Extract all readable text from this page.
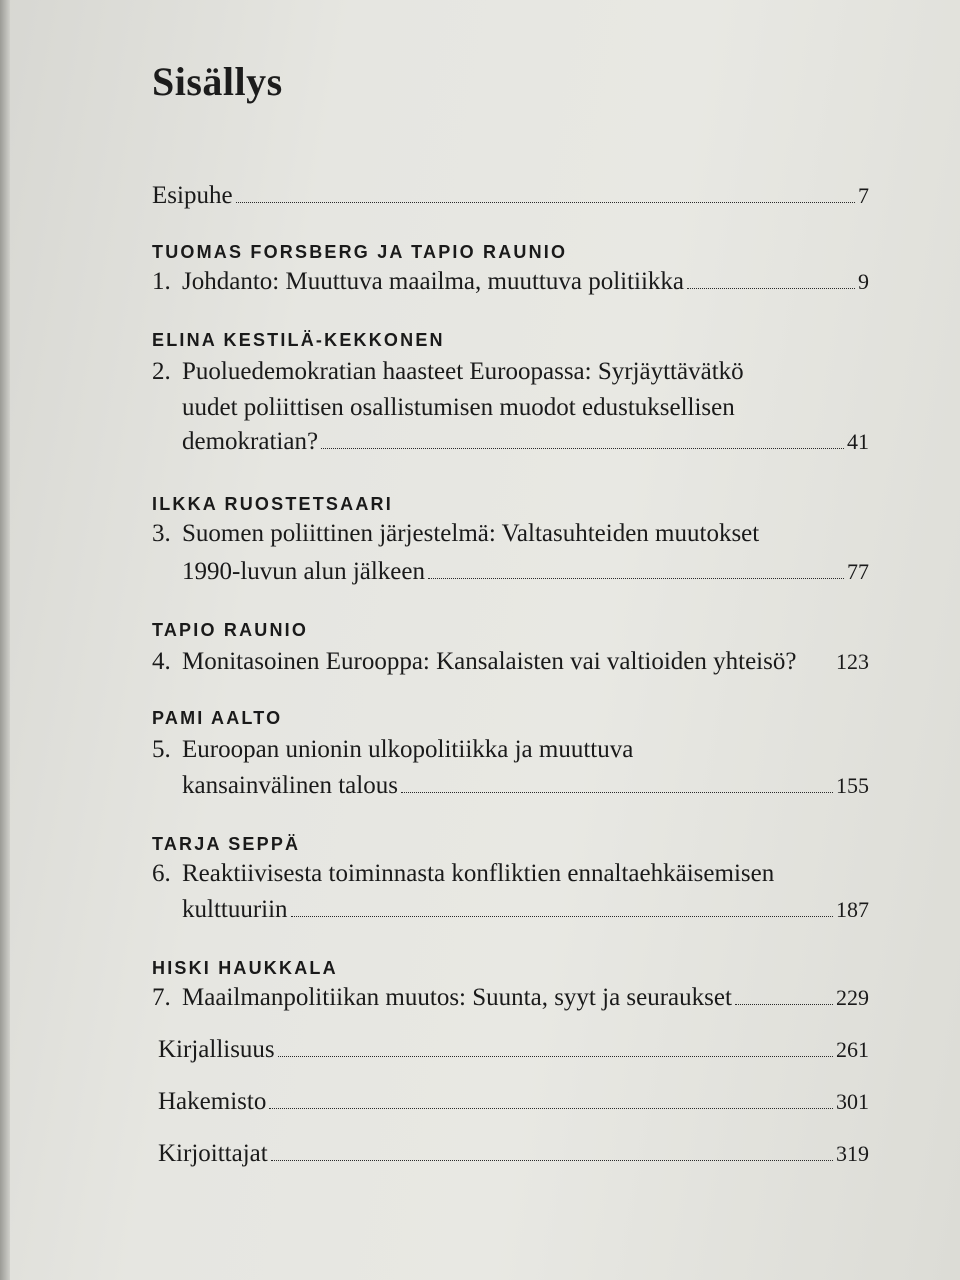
Sisällys
Esipuhe	7
TUOMAS FORSBERG JA TAPIO RAUNIO
1. Johdanto: Muuttuva maailma, muuttuva politiikka	9
ELINA KESTILÄ-KEKKONEN
2. Puoluedemokratian haasteet Euroopassa: Syrjäyttävätkö
uudet poliittisen osallistumisen muodot edustuksellisen
demokratian?	41
ILKKA RUOSTETSAARI
3. Suomen poliittinen järjestelmä: Valtasuhteiden muutokset
1990-luvun alun jälkeen	77
TAPIO RAUNIO
4. Monitasoinen Eurooppa: Kansalaisten vai valtioiden yhteisö? 123
PAMI AALTO
5. Euroopan unionin ulkopolitiikka ja muuttuva
kansainvälinen talous	155
TARJA SEPPÄ
6. Reaktiivisesta toiminnasta konfliktien ennaltaehkäisemisen
kulttuuriin	187
HISKI HAUKKALA
7. Maailmanpolitiikan muutos: Suunta, syyt ja seuraukset	229
Kirjallisuus	261
Hakemisto	301
Kirjoittajat	319
